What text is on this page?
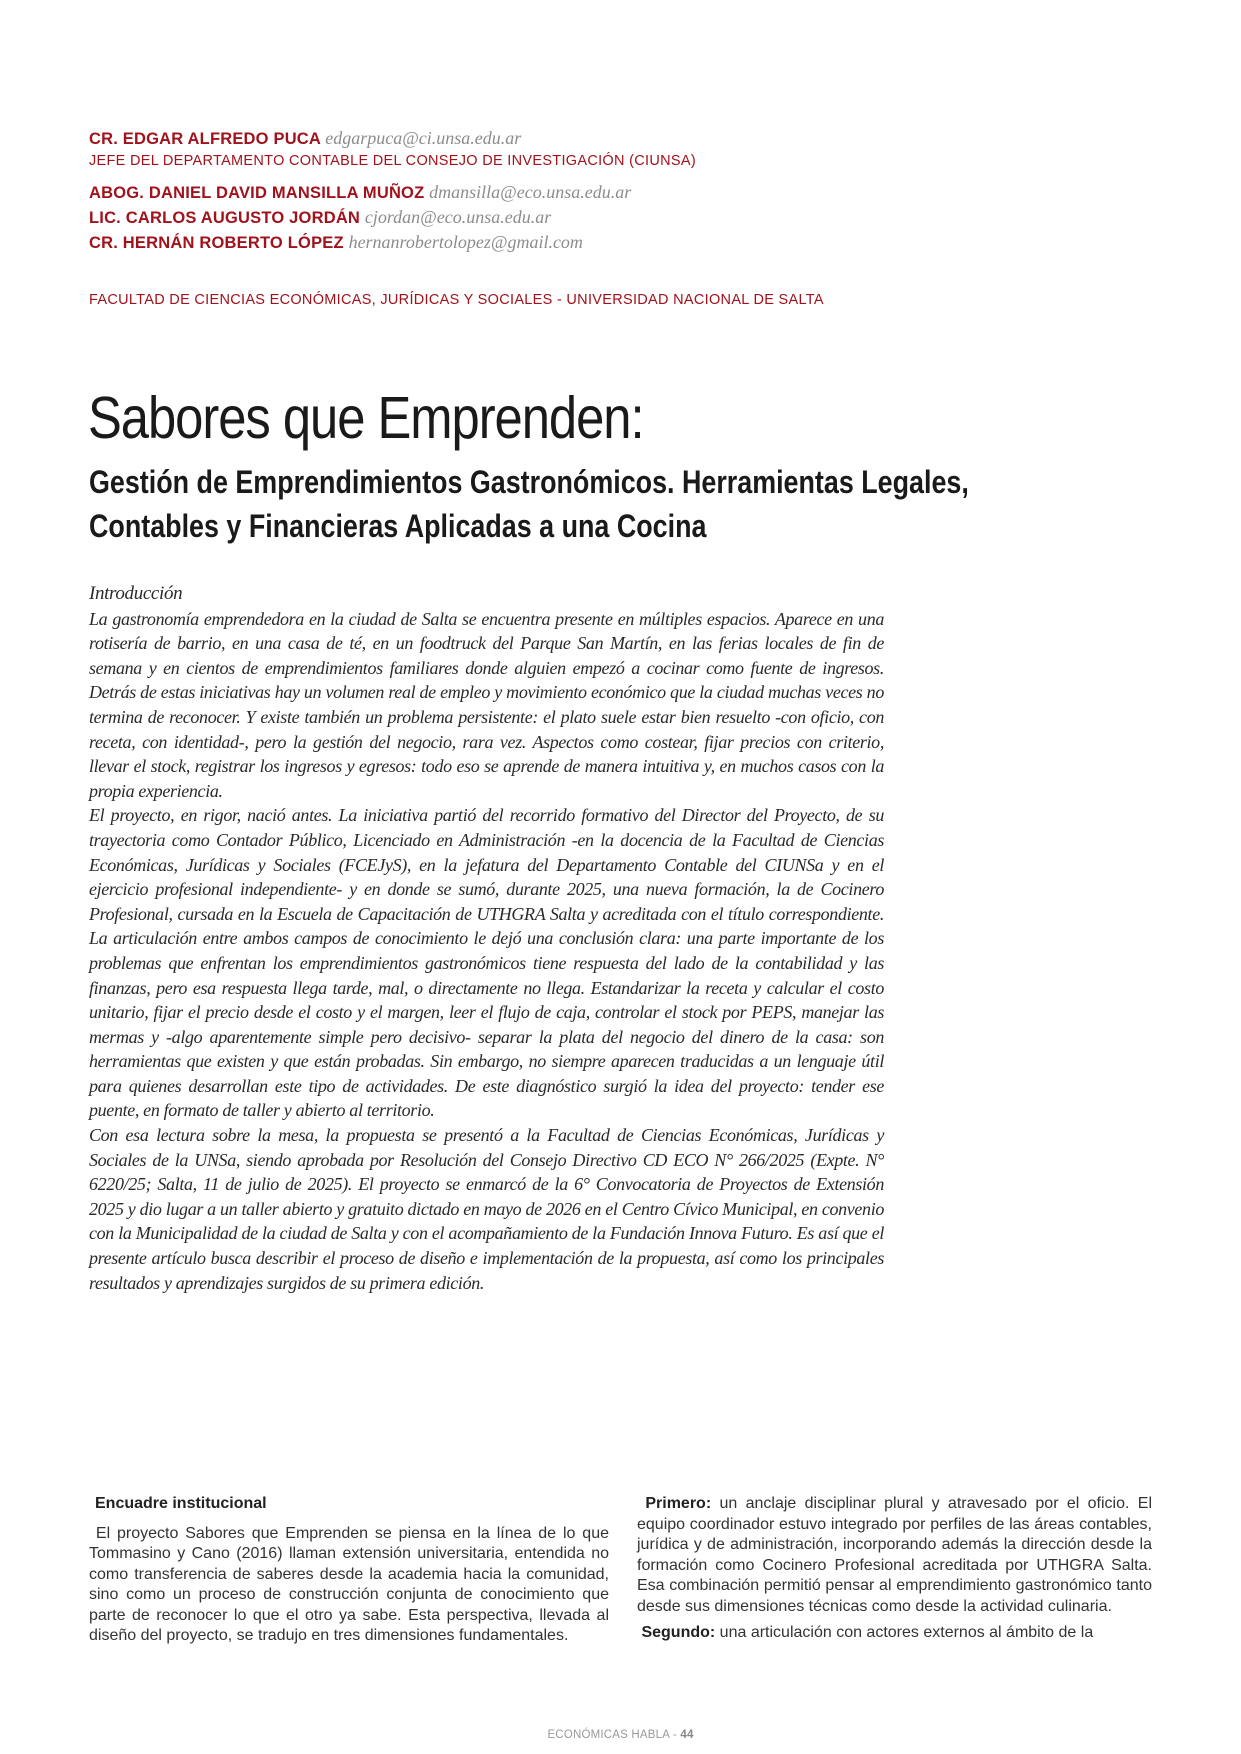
CR. EDGAR ALFREDO PUCA edgarpuca@ci.unsa.edu.ar
JEFE DEL DEPARTAMENTO CONTABLE DEL CONSEJO DE INVESTIGACIÓN (CIUNSA)
ABOG. DANIEL DAVID MANSILLA MUÑOZ dmansilla@eco.unsa.edu.ar
LIC. CARLOS AUGUSTO JORDÁN cjordan@eco.unsa.edu.ar
CR. HERNÁN ROBERTO LÓPEZ hernanrobertolopez@gmail.com
FACULTAD DE CIENCIAS ECONÓMICAS, JURÍDICAS Y SOCIALES - UNIVERSIDAD NACIONAL DE SALTA
Sabores que Emprenden:
Gestión de Emprendimientos Gastronómicos. Herramientas Legales, Contables y Financieras Aplicadas a una Cocina

Introducción

La gastronomía emprendedora en la ciudad de Salta se encuentra presente en múltiples espacios. Aparece en una rotisería de barrio, en una casa de té, en un foodtruck del Parque San Martín, en las ferias locales de fin de semana y en cientos de emprendimientos familiares donde alguien empezó a cocinar como fuente de ingresos. Detrás de estas iniciativas hay un volumen real de empleo y movimiento económico que la ciudad muchas veces no termina de reconocer. Y existe también un problema persistente: el plato suele estar bien resuelto -con oficio, con receta, con identidad-, pero la gestión del negocio, rara vez. Aspectos como costear, fijar precios con criterio, llevar el stock, registrar los ingresos y egresos: todo eso se aprende de manera intuitiva y, en muchos casos con la propia experiencia.

El proyecto, en rigor, nació antes. La iniciativa partió del recorrido formativo del Director del Proyecto, de su trayectoria como Contador Público, Licenciado en Administración -en la docencia de la Facultad de Ciencias Económicas, Jurídicas y Sociales (FCEJyS), en la jefatura del Departamento Contable del CIUNSa y en el ejercicio profesional independiente- y en donde se sumó, durante 2025, una nueva formación, la de Cocinero Profesional, cursada en la Escuela de Capacitación de UTHGRA Salta y acreditada con el título correspondiente. La articulación entre ambos campos de conocimiento le dejó una conclusión clara: una parte importante de los problemas que enfrentan los emprendimientos gastronómicos tiene respuesta del lado de la contabilidad y las finanzas, pero esa respuesta llega tarde, mal, o directamente no llega. Estandarizar la receta y calcular el costo unitario, fijar el precio desde el costo y el margen, leer el flujo de caja, controlar el stock por PEPS, manejar las mermas y -algo aparentemente simple pero decisivo- separar la plata del negocio del dinero de la casa: son herramientas que existen y que están probadas. Sin embargo, no siempre aparecen traducidas a un lenguaje útil para quienes desarrollan este tipo de actividades. De este diagnóstico surgió la idea del proyecto: tender ese puente, en formato de taller y abierto al territorio.

Con esa lectura sobre la mesa, la propuesta se presentó a la Facultad de Ciencias Económicas, Jurídicas y Sociales de la UNSa, siendo aprobada por Resolución del Consejo Directivo CD ECO N° 266/2025 (Expte. N° 6220/25; Salta, 11 de julio de 2025). El proyecto se enmarcó de la 6° Convocatoria de Proyectos de Extensión 2025 y dio lugar a un taller abierto y gratuito dictado en mayo de 2026 en el Centro Cívico Municipal, en convenio con la Municipalidad de la ciudad de Salta y con el acompañamiento de la Fundación Innova Futuro. Es así que el presente artículo busca describir el proceso de diseño e implementación de la propuesta, así como los principales resultados y aprendizajes surgidos de su primera edición.

Encuadre institucional

El proyecto Sabores que Emprenden se piensa en la línea de lo que Tommasino y Cano (2016) llaman extensión universitaria, entendida no como transferencia de saberes desde la academia hacia la comunidad, sino como un proceso de construcción conjunta de conocimiento que parte de reconocer lo que el otro ya sabe. Esta perspectiva, llevada al diseño del proyecto, se tradujo en tres dimensiones fundamentales.

Primero: un anclaje disciplinar plural y atravesado por el oficio. El equipo coordinador estuvo integrado por perfiles de las áreas contables, jurídica y de administración, incorporando además la dirección desde la formación como Cocinero Profesional acreditada por UTHGRA Salta. Esa combinación permitió pensar al emprendimiento gastronómico tanto desde sus dimensiones técnicas como desde la actividad culinaria.

Segundo: una articulación con actores externos al ámbito de la

ECONÓMICAS HABLA - 44
